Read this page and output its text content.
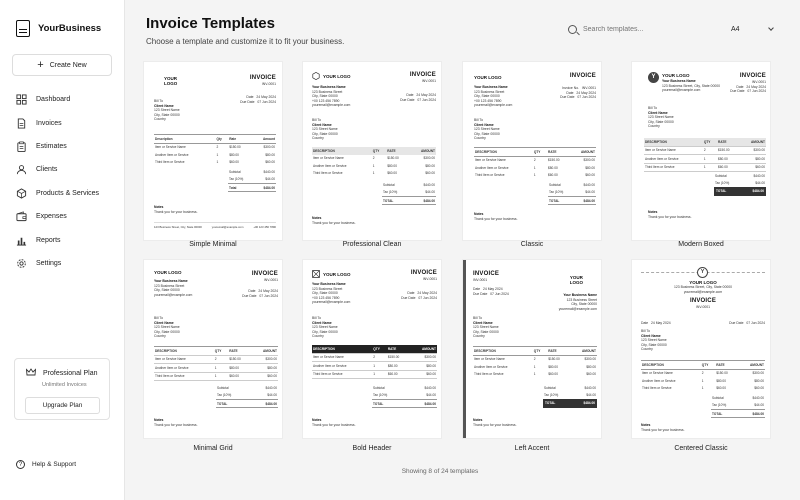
YourBusiness
+ Create New
Dashboard
Invoices
Estimates
Clients
Products & Services
Expenses
Reports
Settings
Professional Plan
Unlimited Invoices
Upgrade Plan
?	Help & Support
Invoice Templates
Choose a template and customize it to fit your business.
Search templates...
A4
YOUR
LOGO
INVOICE
INV-0001
Date 24 May 2024
Due Date 07 Jun 2024
Bill To
Client Name
123 Street Name
City, State 00000
Country
Description	Qty	Rate	Amount
Item or Service Name	2	$150.00	$300.00
Another Item or Service	1	$80.00	$80.00
Third Item or Service	1	$60.00	$60.00
Subtotal	$440.00
Tax (10%)	$44.00
Total	$484.00
Notes
Thank you for your business.
123 Business Street, City, State 00000	youremail@example.com	+00 123 456 7890
Simple Minimal
YOUR LOGO	INVOICE
INV-0001
Your Business Name
123 Business Street
City, State 00000
+00 123 456 7890
youremail@example.com
Date 24 May 2024
Due Date 07 Jun 2024
Bill To
Client Name
123 Street Name
City, State 00000
Country
DESCRIPTION	QTY	RATE	AMOUNT
Item or Service Name	2	$150.00	$300.00
Another Item or Service	1	$80.00	$80.00
Third Item or Service	1	$60.00	$60.00
Subtotal	$440.00
Tax (10%)	$44.00
TOTAL	$484.00
Notes
Thank you for your business.
Professional Clean
YOUR LOGO	INVOICE
Your Business Name
123 Business Street
City, State 00000
+00 123 456 7890
youremail@example.com
Invoice No.   INV-0001
Date 24 May 2024
Due Date 07 Jun 2024
Bill To
Client Name
123 Street Name
City, State 00000
Country
DESCRIPTION	QTY	RATE	AMOUNT
Item or Service Name	2	$150.00	$300.00
Another Item or Service	1	$80.00	$80.00
Third Item or Service	1	$60.00	$60.00
Subtotal	$440.00
Tax (10%)	$44.00
TOTAL	$484.00
Notes
Thank you for your business.
Classic
Y	YOUR LOGO
Your Business Name
123 Business Street, City, State 00000
youremail@example.com
INVOICE
INV-0001
Date 24 May 2024
Due Date 07 Jun 2024
Bill To
Client Name
123 Street Name
City, State 00000
Country
DESCRIPTION	QTY	RATE	AMOUNT
Item or Service Name	2	$150.00	$300.00
Another Item or Service	1	$80.00	$80.00
Third Item or Service	1	$60.00	$60.00
Subtotal	$440.00
Tax (10%)	$44.00
TOTAL	$484.00
Notes
Thank you for your business.
Modern Boxed
YOUR LOGO
Your Business Name
123 Business Street
City, State 00000
youremail@example.com
INVOICE
INV-0001
Date 24 May 2024
Due Date 07 Jun 2024
Bill To
Client Name
123 Street Name
City, State 00000
Country
DESCRIPTION	QTY	RATE	AMOUNT
Item or Service Name	2	$150.00	$300.00
Another Item or Service	1	$80.00	$80.00
Third Item or Service	1	$60.00	$60.00
Subtotal	$440.00
Tax (10%)	$44.00
TOTAL	$484.00
Notes
Thank you for your business.
Minimal Grid
YOUR LOGO	INVOICE
INV-0001
Your Business Name
123 Business Street
City, State 00000
+00 123 456 7890
youremail@example.com
Date 24 May 2024
Due Date 07 Jun 2024
Bill To
Client Name
123 Street Name
City, State 00000
Country
DESCRIPTION	QTY	RATE	AMOUNT
Item or Service Name	2	$150.00	$300.00
Another Item or Service	1	$80.00	$80.00
Third Item or Service	1	$60.00	$60.00
Subtotal	$440.00
Tax (10%)	$44.00
TOTAL	$484.00
Notes
Thank you for your business.
Bold Header
INVOICE
INV-0001
Date 24 May 2024
Due Date 07 Jun 2024
YOUR
LOGO
Your Business Name
123 Business Street
City, State 00000
youremail@example.com
Bill To
Client Name
123 Street Name
City, State 00000
Country
DESCRIPTION	QTY	RATE	AMOUNT
Item or Service Name	2	$150.00	$300.00
Another Item or Service	1	$80.00	$80.00
Third Item or Service	1	$60.00	$60.00
Subtotal	$440.00
Tax (10%)	$44.00
TOTAL	$484.00
Notes
Thank you for your business.
Left Accent
Y
YOUR LOGO
123 Business Street, City, State 00000
youremail@example.com
INVOICE
INV-0001
Date 24 May 2024	Due Date 07 Jun 2024
Bill To
Client Name
123 Street Name
City, State 00000
Country
DESCRIPTION	QTY	RATE	AMOUNT
Item or Service Name	2	$150.00	$300.00
Another Item or Service	1	$80.00	$80.00
Third Item or Service	1	$60.00	$60.00
Subtotal	$440.00
Tax (10%)	$44.00
TOTAL	$484.00
Notes
Thank you for your business.
Centered Classic
Showing 8 of 24 templates
